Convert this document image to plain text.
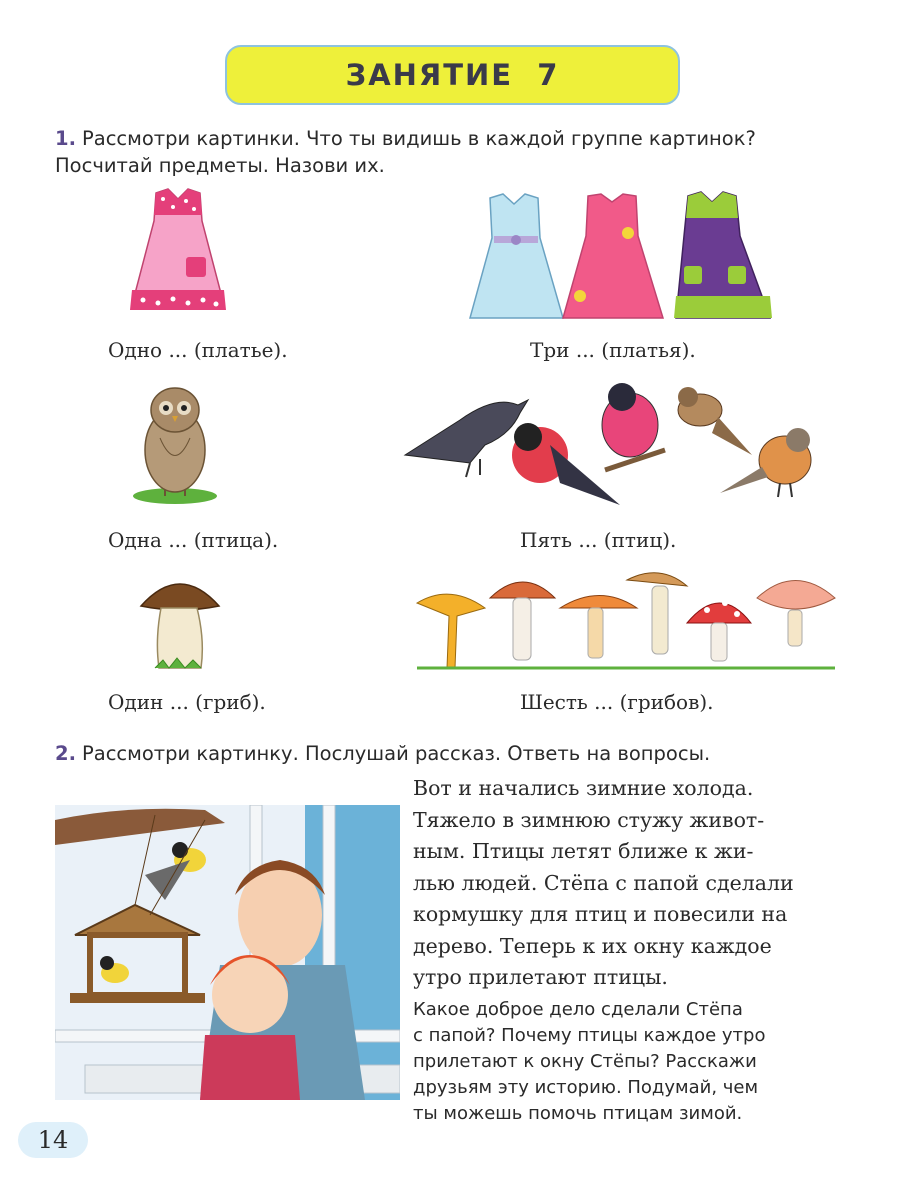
ЗАНЯТИЕ 7
1. Рассмотри картинки. Что ты видишь в каждой группе картинок?
Посчитай предметы. Назови их.
Одно ... (платье).	Три ... (платья).
Одна ... (птица).	Пять ... (птиц).
Один ... (гриб).	Шесть ... (грибов).
2. Рассмотри картинку. Послушай рассказ. Ответь на вопросы.
Вот и начались зимние холода.
Тяжело в зимнюю стужу живот-
ным. Птицы летят ближе к жи-
лью людей. Стёпа с папой сделали
кормушку для птиц и повесили на
дерево. Теперь к их окну каждое
утро прилетают птицы.
Какое доброе дело сделали Стёпа
с папой? Почему птицы каждое утро
прилетают к окну Стёпы? Расскажи
друзьям эту историю. Подумай, чем
ты можешь помочь птицам зимой.
14
